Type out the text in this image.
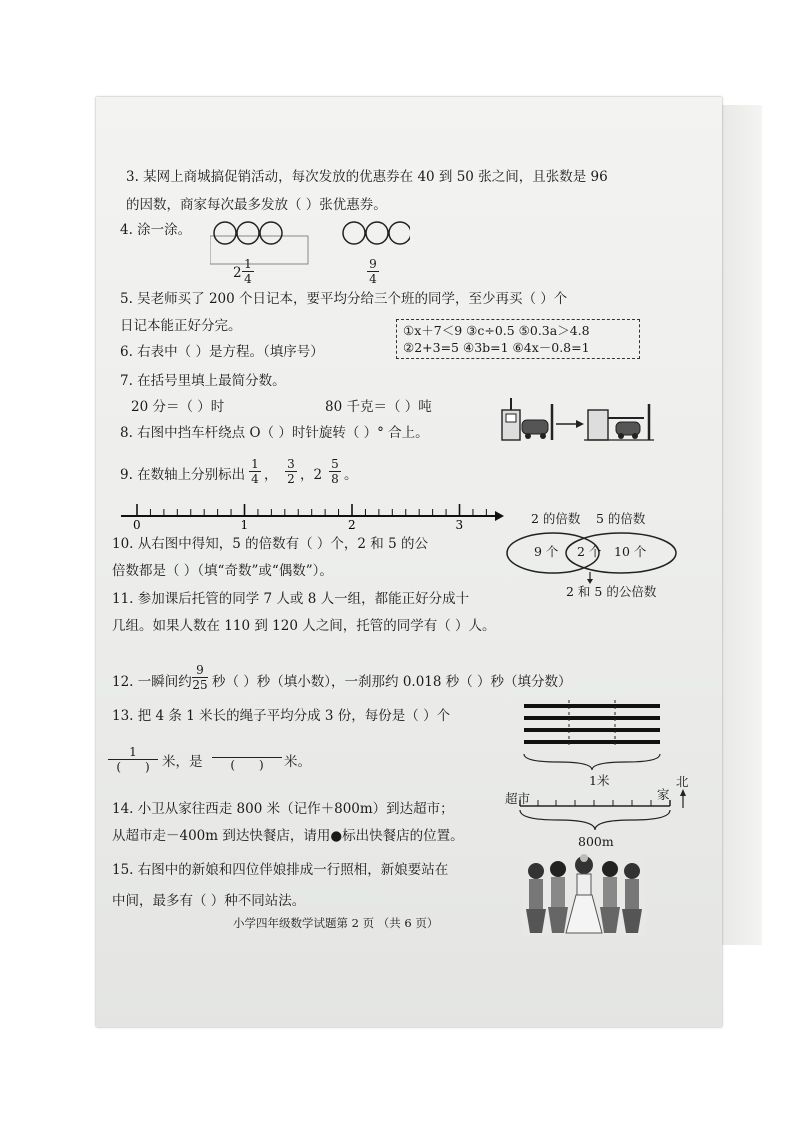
3. 某网上商城搞促销活动，每次发放的优惠券在 40 到 50 张之间，且张数是 96
的因数，商家每次最多发放（ ）张优惠券。
4. 涂一涂。
2
1
4
9
4
5. 吴老师买了 200 个日记本，要平均分给三个班的同学，至少再买（ ）个
日记本能正好分完。
6. 右表中（ ）是方程。（填序号）
①x＋7＜9 ③c÷0.5 ⑤0.3a＞4.8
②2+3=5 ④3b=1 ⑥4x－0.8=1
7. 在括号里填上最简分数。
20 分＝（ ）时	80 千克＝（ ）吨
8. 右图中挡车杆绕点 O（ ）时针旋转（ ）° 合上。
9. 在数轴上分别标出
1
4 ，
3
2 ，2
5
8 。
0	1	2	3
10. 从右图中得知，5 的倍数有（ ）个，2 和 5 的公
倍数都是（ ）（填“奇数”或“偶数”）。
2 的倍数 5 的倍数
9 个 2 个 10 个
2 和 5 的公倍数
11. 参加课后托管的同学 7 人或 8 人一组，都能正好分成十
几组。如果人数在 110 到 120 人之间，托管的同学有（ ）人。
12. 一瞬间约
9
25 秒（ ）秒（填小数），一刹那约 0.018 秒（ ）秒（填分数）
13. 把 4 条 1 米长的绳子平均分成 3 份，每份是（ ）个
1
(　　) 米，是
	(　　)	米。
1米
14. 小卫从家往西走 800 米（记作＋800m）到达超市；
从超市走－400m 到达快餐店，请用●标出快餐店的位置。
超市	家
北
800m
15. 右图中的新娘和四位伴娘排成一行照相，新娘要站在
中间，最多有（ ）种不同站法。
小学四年级数学试题第 2 页 （共 6 页）
